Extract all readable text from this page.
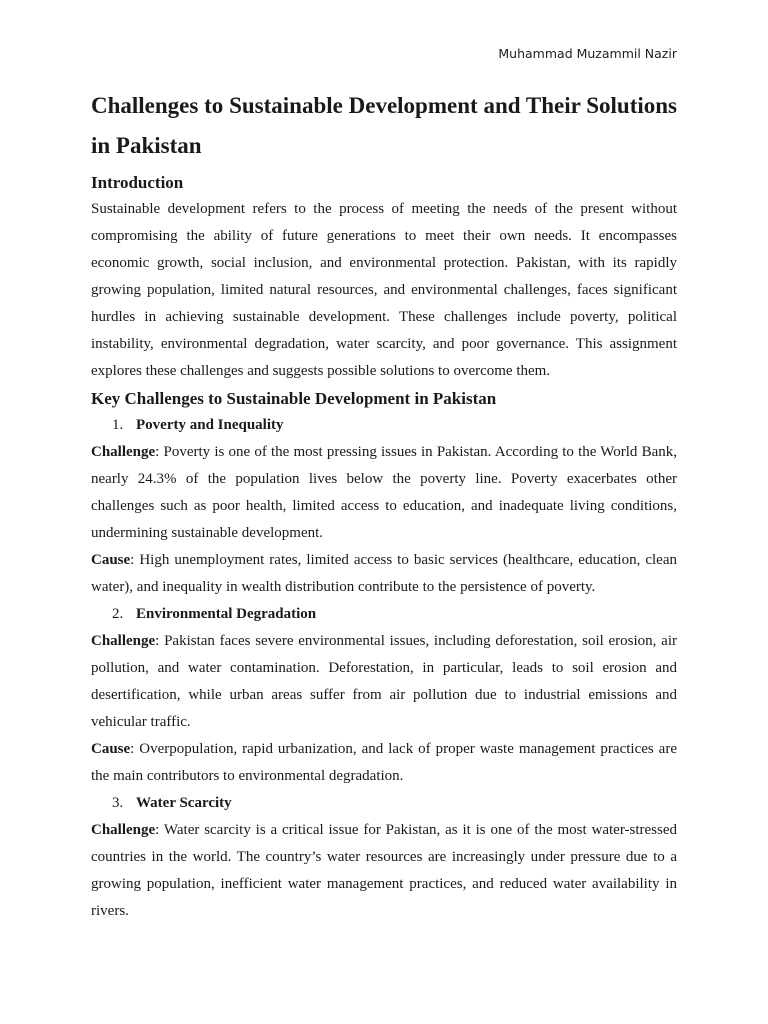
Muhammad Muzammil Nazir
Challenges to Sustainable Development and Their Solutions in Pakistan
Introduction

Sustainable development refers to the process of meeting the needs of the present without compromising the ability of future generations to meet their own needs. It encompasses economic growth, social inclusion, and environmental protection. Pakistan, with its rapidly growing population, limited natural resources, and environmental challenges, faces significant hurdles in achieving sustainable development. These challenges include poverty, political instability, environmental degradation, water scarcity, and poor governance. This assignment explores these challenges and suggests possible solutions to overcome them.

Key Challenges to Sustainable Development in Pakistan
1. Poverty and Inequality

Challenge: Poverty is one of the most pressing issues in Pakistan. According to the World Bank, nearly 24.3% of the population lives below the poverty line. Poverty exacerbates other challenges such as poor health, limited access to education, and inadequate living conditions, undermining sustainable development.

Cause: High unemployment rates, limited access to basic services (healthcare, education, clean water), and inequality in wealth distribution contribute to the persistence of poverty.

2. Environmental Degradation

Challenge: Pakistan faces severe environmental issues, including deforestation, soil erosion, air pollution, and water contamination. Deforestation, in particular, leads to soil erosion and desertification, while urban areas suffer from air pollution due to industrial emissions and vehicular traffic.

Cause: Overpopulation, rapid urbanization, and lack of proper waste management practices are the main contributors to environmental degradation.

3. Water Scarcity

Challenge: Water scarcity is a critical issue for Pakistan, as it is one of the most water-stressed countries in the world. The country’s water resources are increasingly under pressure due to a growing population, inefficient water management practices, and reduced water availability in rivers.
